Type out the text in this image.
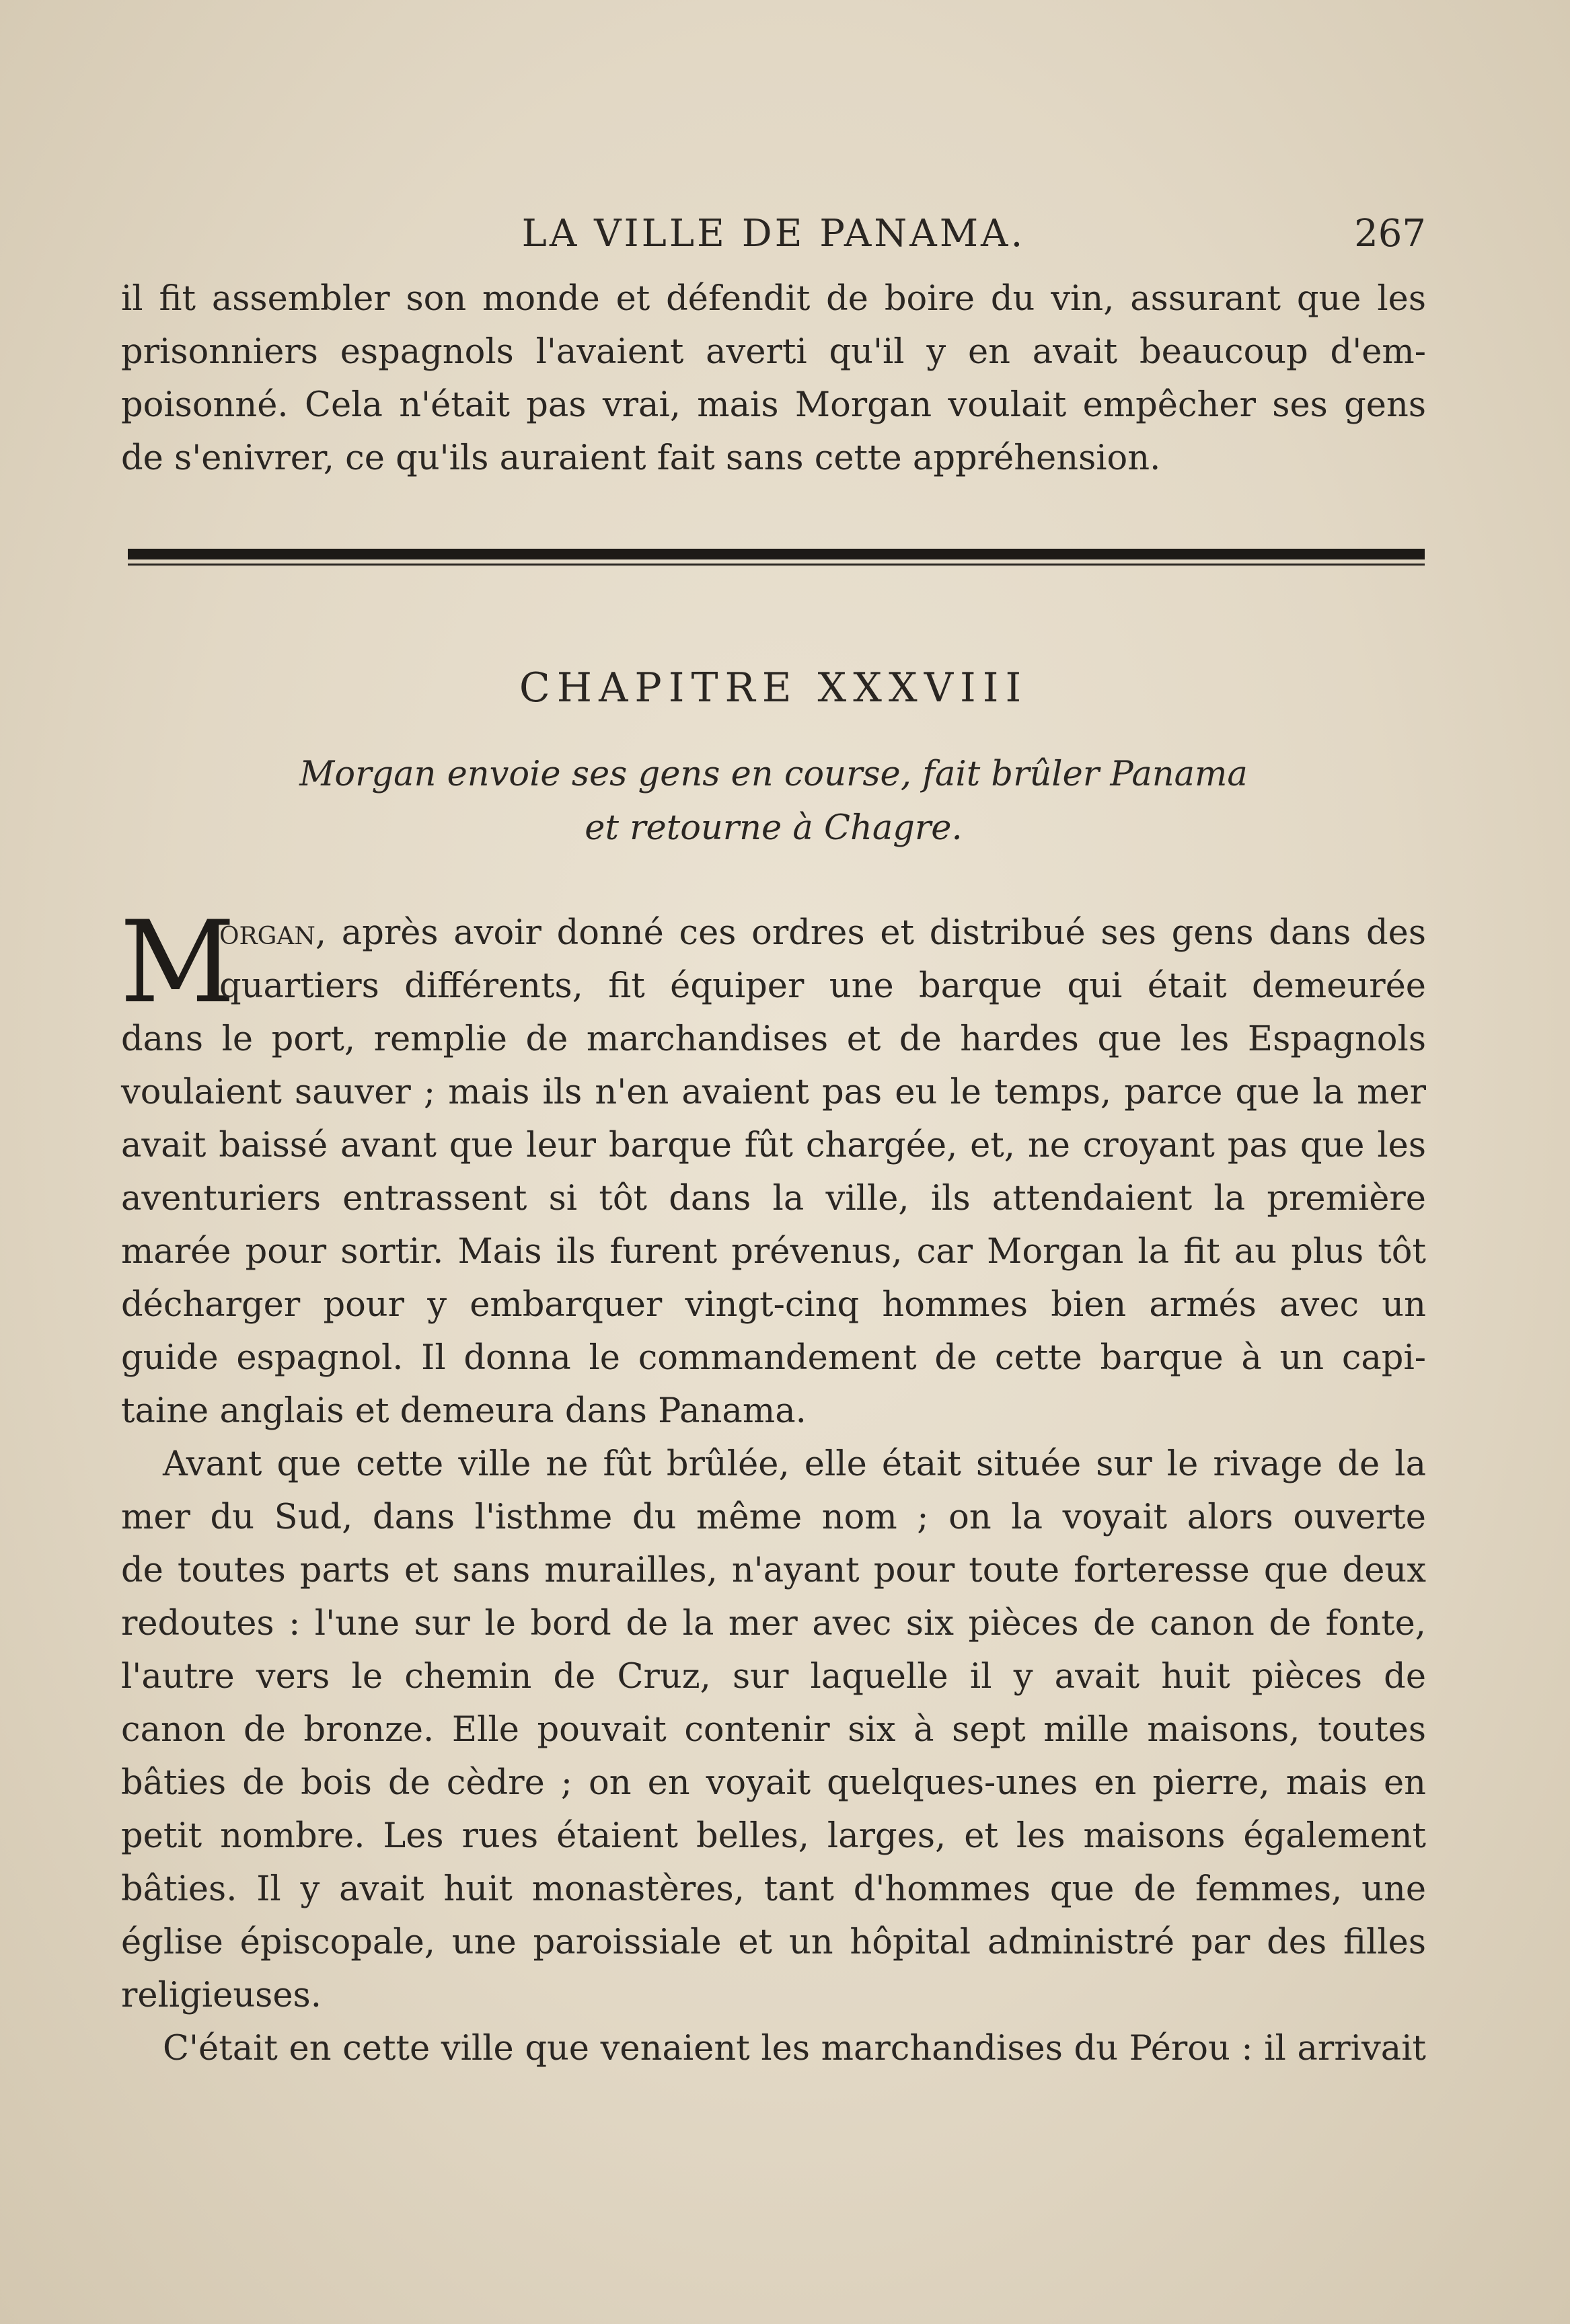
LA VILLE DE PANAMA.	267
il fit assembler son monde et défendit de boire du vin, assurant que les
prisonniers espagnols l'avaient averti qu'il y en avait beaucoup d'em-
poisonné. Cela n'était pas vrai, mais Morgan voulait empêcher ses gens
de s'enivrer, ce qu'ils auraient fait sans cette appréhension.
CHAPITRE XXXVIII
Morgan envoie ses gens en course, fait brûler Panama
et retourne à Chagre.
M
organ, après avoir donné ces ordres et distribué ses gens dans des
quartiers différents, fit équiper une barque qui était demeurée
dans le port, remplie de marchandises et de hardes que les Espagnols
voulaient sauver ; mais ils n'en avaient pas eu le temps, parce que la mer
avait baissé avant que leur barque fût chargée, et, ne croyant pas que les
aventuriers entrassent si tôt dans la ville, ils attendaient la première
marée pour sortir. Mais ils furent prévenus, car Morgan la fit au plus tôt
décharger pour y embarquer vingt-cinq hommes bien armés avec un
guide espagnol. Il donna le commandement de cette barque à un capi-
taine anglais et demeura dans Panama.
Avant que cette ville ne fût brûlée, elle était située sur le rivage de la
mer du Sud, dans l'isthme du même nom ; on la voyait alors ouverte
de toutes parts et sans murailles, n'ayant pour toute forteresse que deux
redoutes : l'une sur le bord de la mer avec six pièces de canon de fonte,
l'autre vers le chemin de Cruz, sur laquelle il y avait huit pièces de
canon de bronze. Elle pouvait contenir six à sept mille maisons, toutes
bâties de bois de cèdre ; on en voyait quelques-unes en pierre, mais en
petit nombre. Les rues étaient belles, larges, et les maisons également
bâties. Il y avait huit monastères, tant d'hommes que de femmes, une
église épiscopale, une paroissiale et un hôpital administré par des filles
religieuses.
C'était en cette ville que venaient les marchandises du Pérou : il arrivait
